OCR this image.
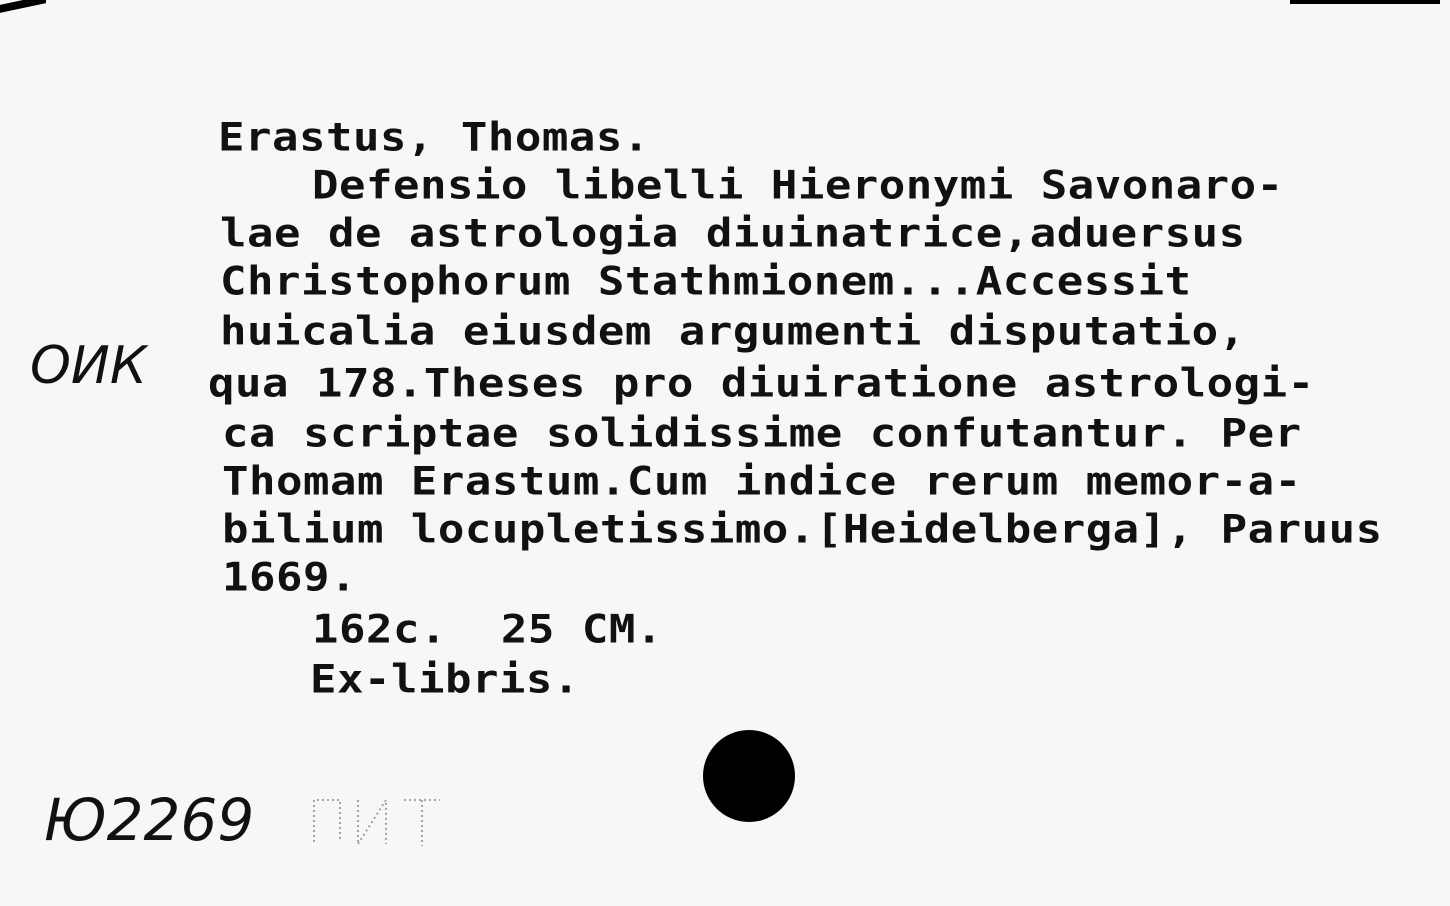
Erastus, Thomas.
Defensio libelli Hieronymi Savonaro-
lae de astrologia diuinatrice,aduersus
Christophorum Stathmionem...Accessit
huicalia eiusdem argumenti disputatio,
qua 178.Theses pro diuiratione astrologi-
ca scriptae solidissime confutantur. Per
Thomam Erastum.Cum indice rerum memor-a-
bilium locupletissimo.[Heidelberga], Paruus
1669.
162c.  25 CM.
Ex-libris.
ОИК
Ю2269
